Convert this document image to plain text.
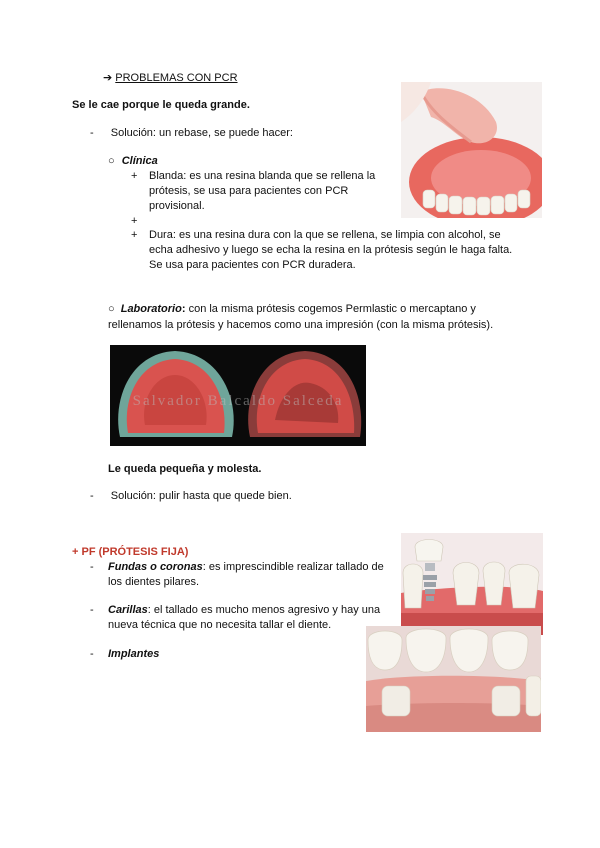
➔ PROBLEMAS CON PCR
Se le cae porque le queda grande.
- Solución: un rebase, se puede hacer:
○ Clínica
+ Blanda: es una resina blanda que se rellena la
prótesis, se usa para pacientes con PCR
provisional.
+
+ Dura: es una resina dura con la que se rellena, se limpia con alcohol, se
echa adhesivo y luego se echa la resina en la prótesis según le haga falta.
Se usa para pacientes con PCR duradera.
○ Laboratorio: con la misma prótesis cogemos Permlastic o mercaptano y
rellenamos la prótesis y hacemos como una impresión (con la misma prótesis).
Salvador Balcaldo Salceda
Le queda pequeña y molesta.
- Solución: pulir hasta que quede bien.
+ PF (PRÓTESIS FIJA)
- Fundas o coronas: es imprescindible realizar tallado de
los dientes pilares.
- Carillas: el tallado es mucho menos agresivo y hay una
nueva técnica que no necesita tallar el diente.
- Implantes
